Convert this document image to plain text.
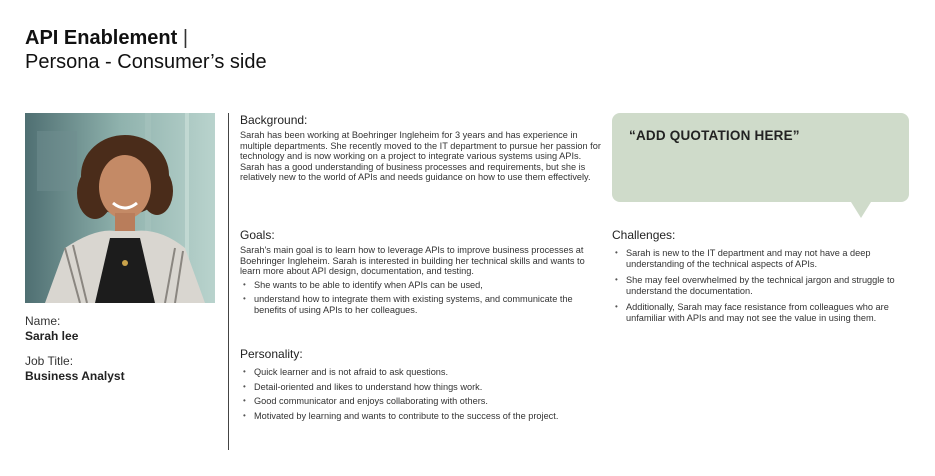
API Enablement |
Persona - Consumer’s side
Name:
Sarah lee
Job Title:
Business Analyst

Background:

Sarah has been working at Boehringer Ingleheim for 3 years and has experience in multiple departments. She recently moved to the IT department to pursue her passion for technology and is now working on a project to integrate various systems using APIs. Sarah has a good understanding of business processes and requirements, but she is relatively new to the world of APIs and needs guidance on how to use them effectively.

Goals:

Sarah's main goal is to learn how to leverage APIs to improve business processes at Boehringer Ingleheim. Sarah is interested in building her technical skills and wants to learn more about API design, documentation, and testing.

• She wants to be able to identify when APIs can be used,
• understand how to integrate them with existing systems, and communicate the benefits of using APIs to her colleagues.

Personality:

• Quick learner and is not afraid to ask questions.
• Detail-oriented and likes to understand how things work.
• Good communicator and enjoys collaborating with others.
• Motivated by learning and wants to contribute to the success of the project.
“ADD QUOTATION HERE”

Challenges:

• Sarah is new to the IT department and may not have a deep understanding of the technical aspects of APIs.
• She may feel overwhelmed by the technical jargon and struggle to understand the documentation.
• Additionally, Sarah may face resistance from colleagues who are unfamiliar with APIs and may not see the value in using them.
